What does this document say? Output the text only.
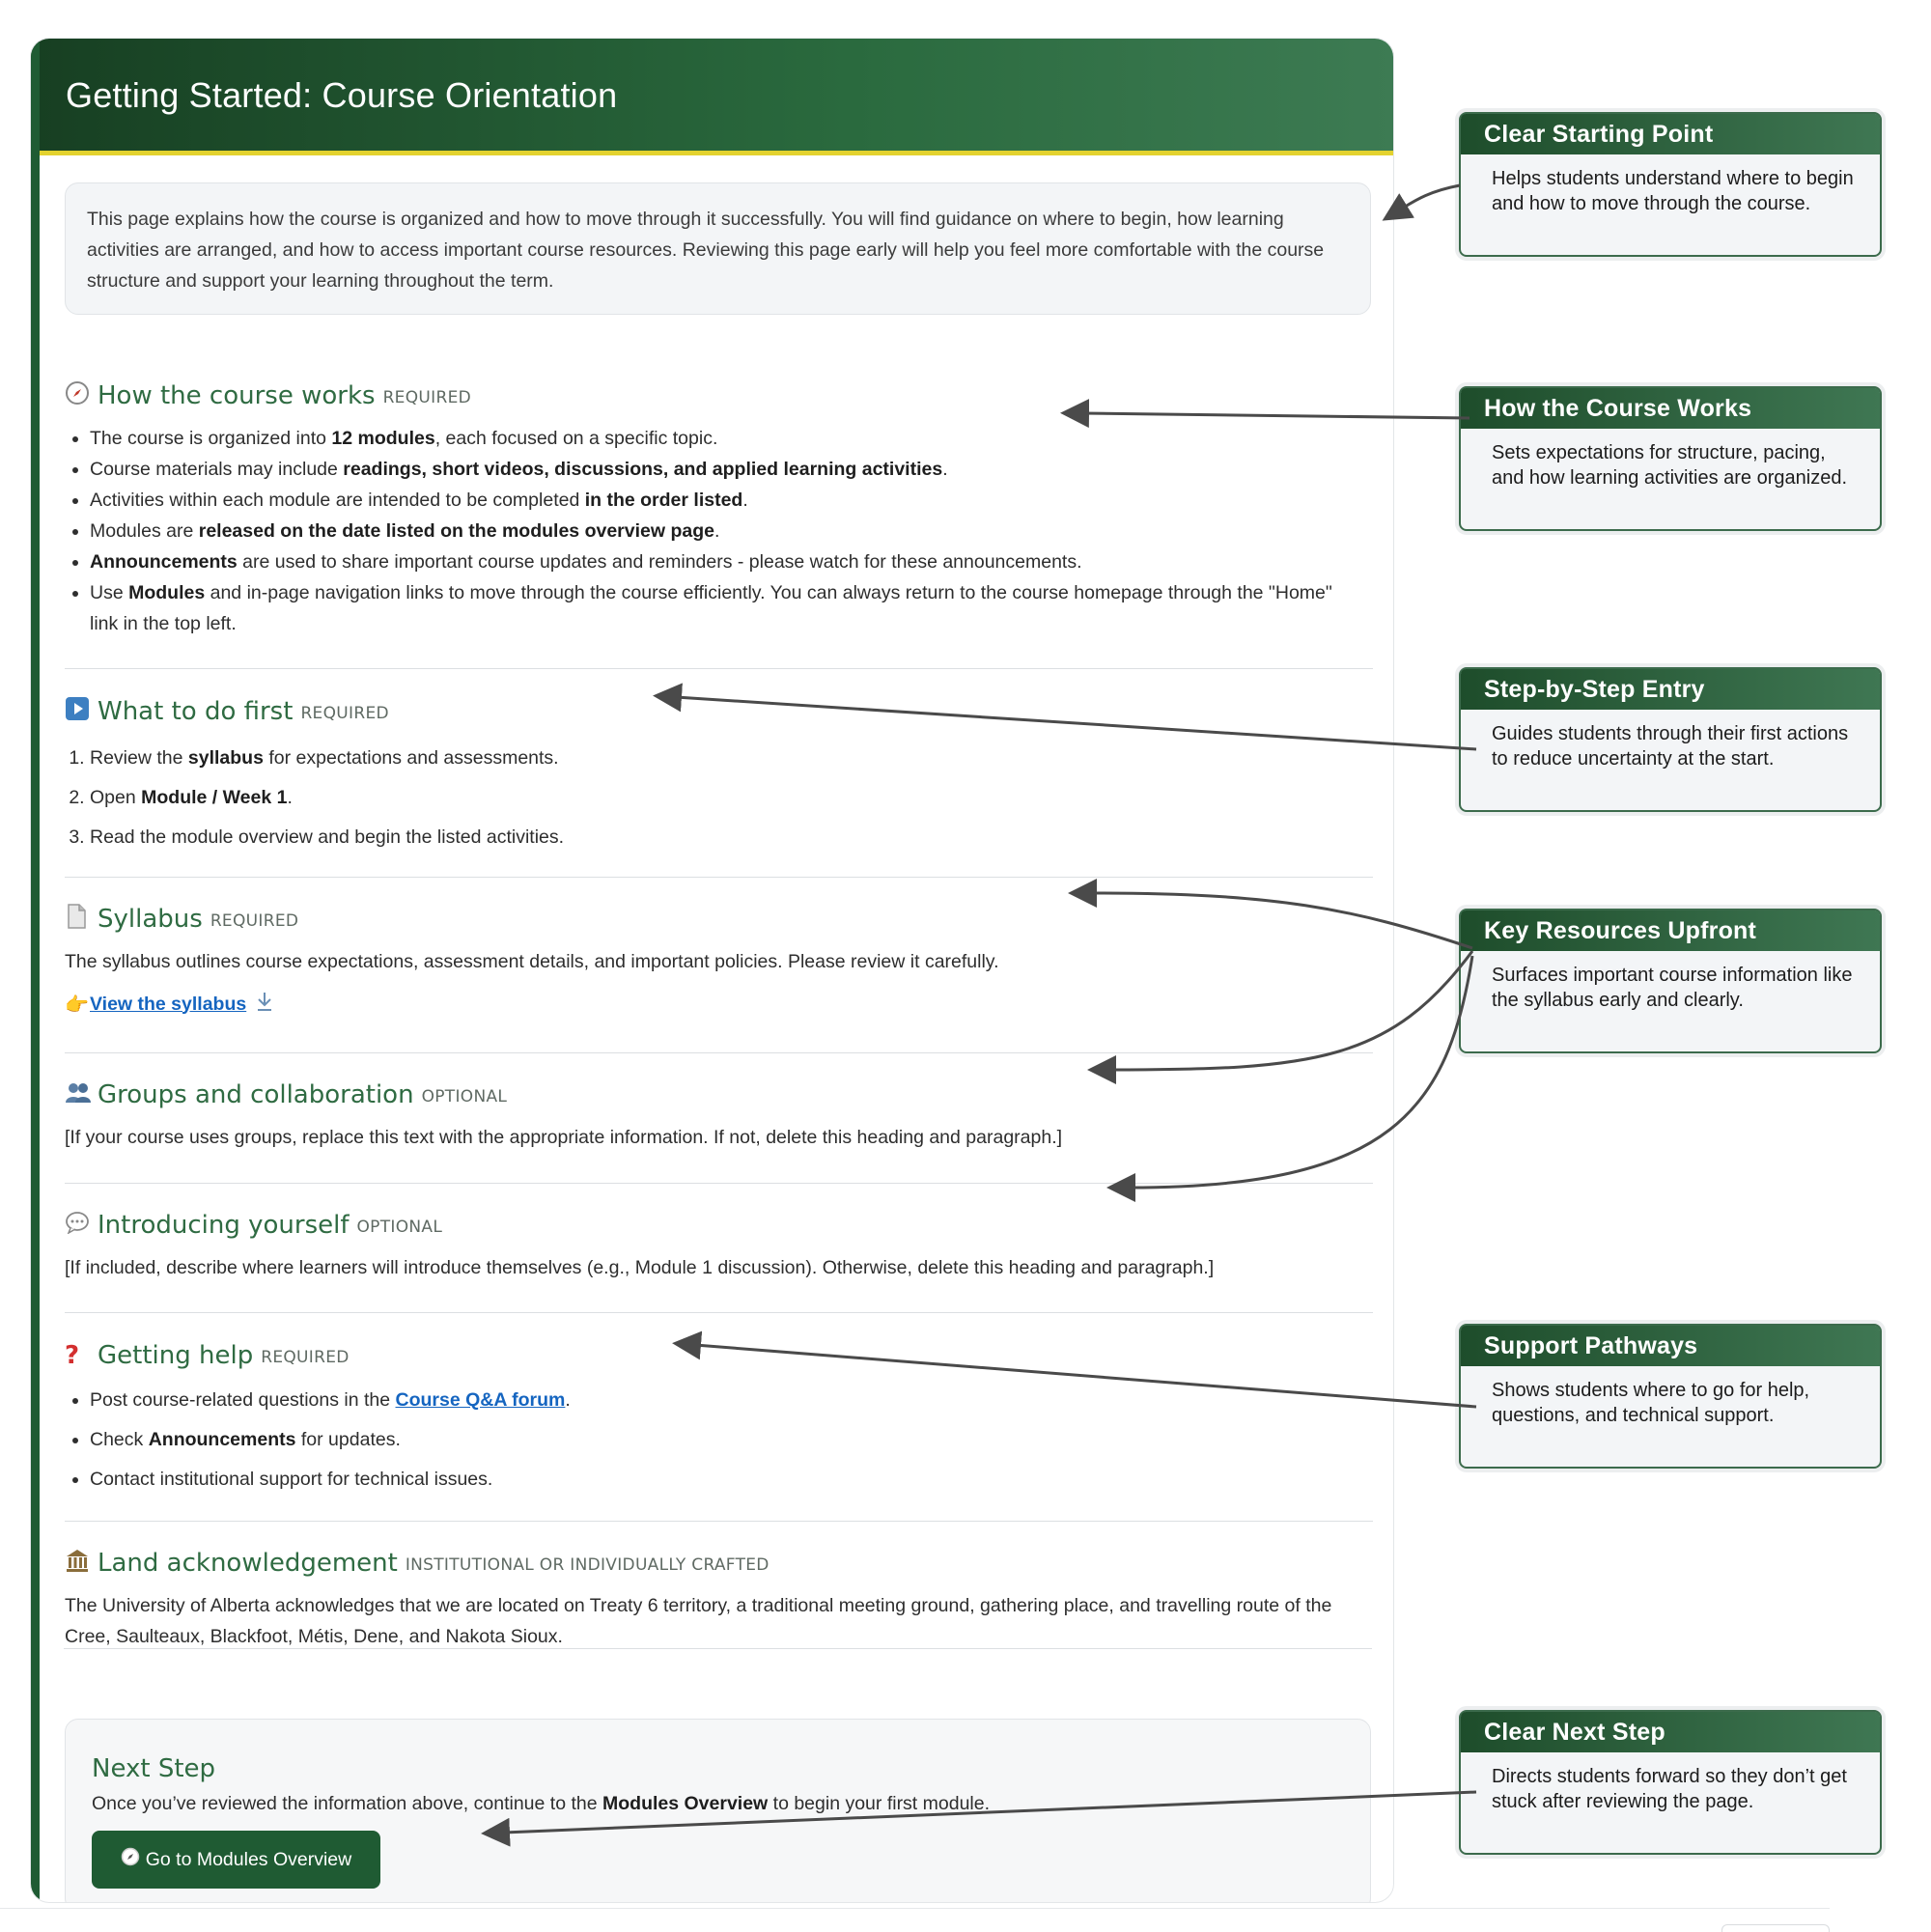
Getting Started: Course Orientation
This page explains how the course is organized and how to move through it successfully. You will find guidance on where to begin, how learning activities are arranged, and how to access important course resources. Reviewing this page early will help you feel more comfortable with the course structure and support your learning throughout the term.
How the course works REQUIRED
• The course is organized into 12 modules, each focused on a specific topic.
• Course materials may include readings, short videos, discussions, and applied learning activities.
• Activities within each module are intended to be completed in the order listed.
• Modules are released on the date listed on the modules overview page.
• Announcements are used to share important course updates and reminders - please watch for these announcements.
• Use Modules and in-page navigation links to move through the course efficiently. You can always return to the course homepage through the "Home" link in the top left.
What to do first REQUIRED
1. Review the syllabus for expectations and assessments.
2. Open Module / Week 1.
3. Read the module overview and begin the listed activities.
Syllabus REQUIRED
The syllabus outlines course expectations, assessment details, and important policies. Please review it carefully.
👉 View the syllabus
Groups and collaboration OPTIONAL
[If your course uses groups, replace this text with the appropriate information. If not, delete this heading and paragraph.]
Introducing yourself OPTIONAL
[If included, describe where learners will introduce themselves (e.g., Module 1 discussion). Otherwise, delete this heading and paragraph.]
? Getting help REQUIRED
• Post course-related questions in the Course Q&A forum.
• Check Announcements for updates.
• Contact institutional support for technical issues.
Land acknowledgement INSTITUTIONAL OR INDIVIDUALLY CRAFTED
The University of Alberta acknowledges that we are located on Treaty 6 territory, a traditional meeting ground, gathering place, and travelling route of the Cree, Saulteaux, Blackfoot, Métis, Dene, and Nakota Sioux.
Next Step
Once you’ve reviewed the information above, continue to the Modules Overview to begin your first module.
Go to Modules Overview
Clear Starting Point
Helps students understand where to begin and how to move through the course.
How the Course Works
Sets expectations for structure, pacing, and how learning activities are organized.
Step-by-Step Entry
Guides students through their first actions to reduce uncertainty at the start.
Key Resources Upfront
Surfaces important course information like the syllabus early and clearly.
Support Pathways
Shows students where to go for help, questions, and technical support.
Clear Next Step
Directs students forward so they don’t get stuck after reviewing the page.
